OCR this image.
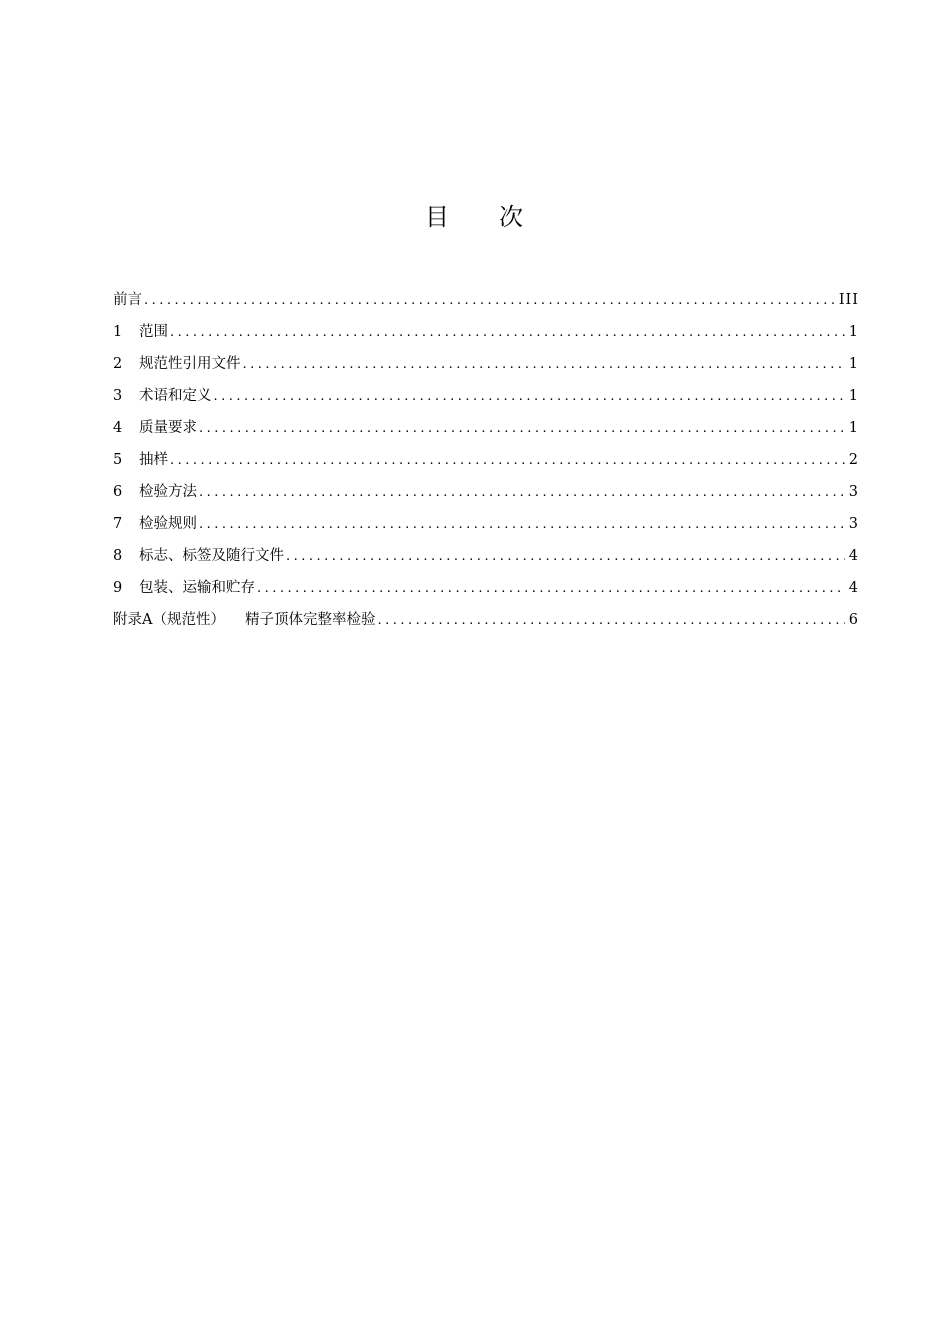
目 次
前言 .....	III
1	范围 .....	1
2	规范性引用文件 .....	1
3	术语和定义 .....	1
4	质量要求 .....	1
5	抽样 .....	2
6	检验方法 .....	3
7	检验规则 .....	3
8	标志、标签及随行文件 .....	4
9	包装、运输和贮存 .....	4
附录A（规范性） 精子顶体完整率检验 .....	6
